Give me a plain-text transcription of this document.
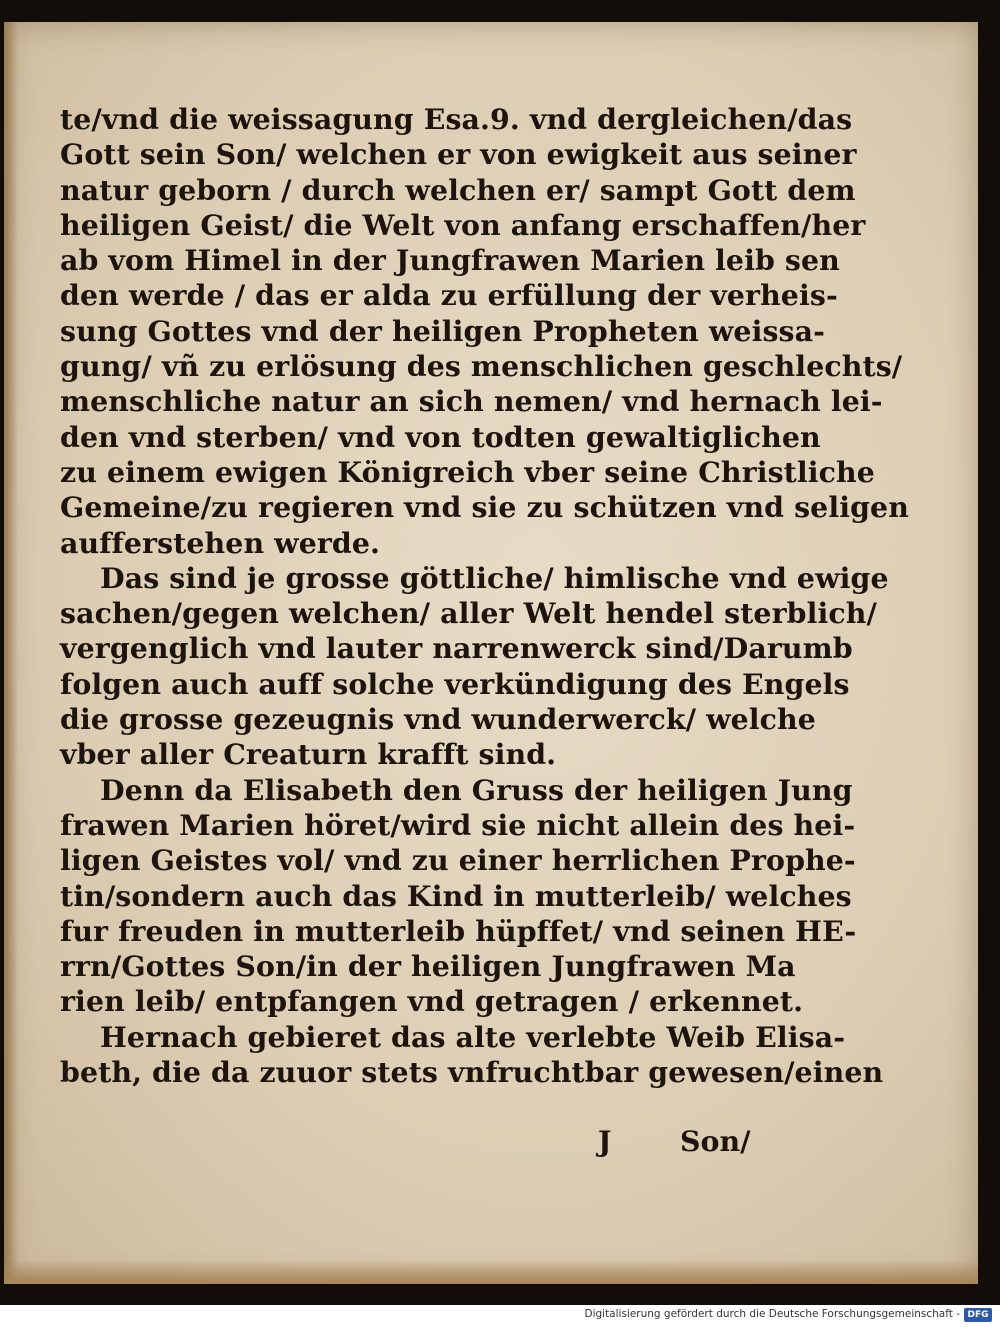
te/vnd die weissagung Esa.9. vnd dergleichen/das
Gott sein Son/ welchen er von ewigkeit aus seiner
natur geborn / durch welchen er/ sampt Gott dem
heiligen Geist/ die Welt von anfang erschaffen/her
ab vom Himel in der Jungfrawen Marien leib sen
den werde / das er alda zu erfüllung der verheis-
sung Gottes vnd der heiligen Propheten weissa-
gung/ vñ zu erlösung des menschlichen geschlechts/
menschliche natur an sich nemen/ vnd hernach lei-
den vnd sterben/ vnd von todten gewaltiglichen
zu einem ewigen Königreich vber seine Christliche
Gemeine/zu regieren vnd sie zu schützen vnd seligen
aufferstehen werde.
Das sind je grosse göttliche/ himlische vnd ewige
sachen/gegen welchen/ aller Welt hendel sterblich/
vergenglich vnd lauter narrenwerck sind/Darumb
folgen auch auff solche verkündigung des Engels
die grosse gezeugnis vnd wunderwerck/ welche
vber aller Creaturn krafft sind.
Denn da Elisabeth den Gruss der heiligen Jung
frawen Marien höret/wird sie nicht allein des hei-
ligen Geistes vol/ vnd zu einer herrlichen Prophe-
tin/sondern auch das Kind in mutterleib/ welches
fur freuden in mutterleib hüpffet/ vnd seinen HE-
rrn/Gottes Son/in der heiligen Jungfrawen Ma
rien leib/ entpfangen vnd getragen / erkennet.
Hernach gebieret das alte verlebte Weib Elisa-
beth, die da zuuor stets vnfruchtbar gewesen/einen
J Son/
Digitalisierung gefördert durch die Deutsche Forschungsgemeinschaft - DFG
